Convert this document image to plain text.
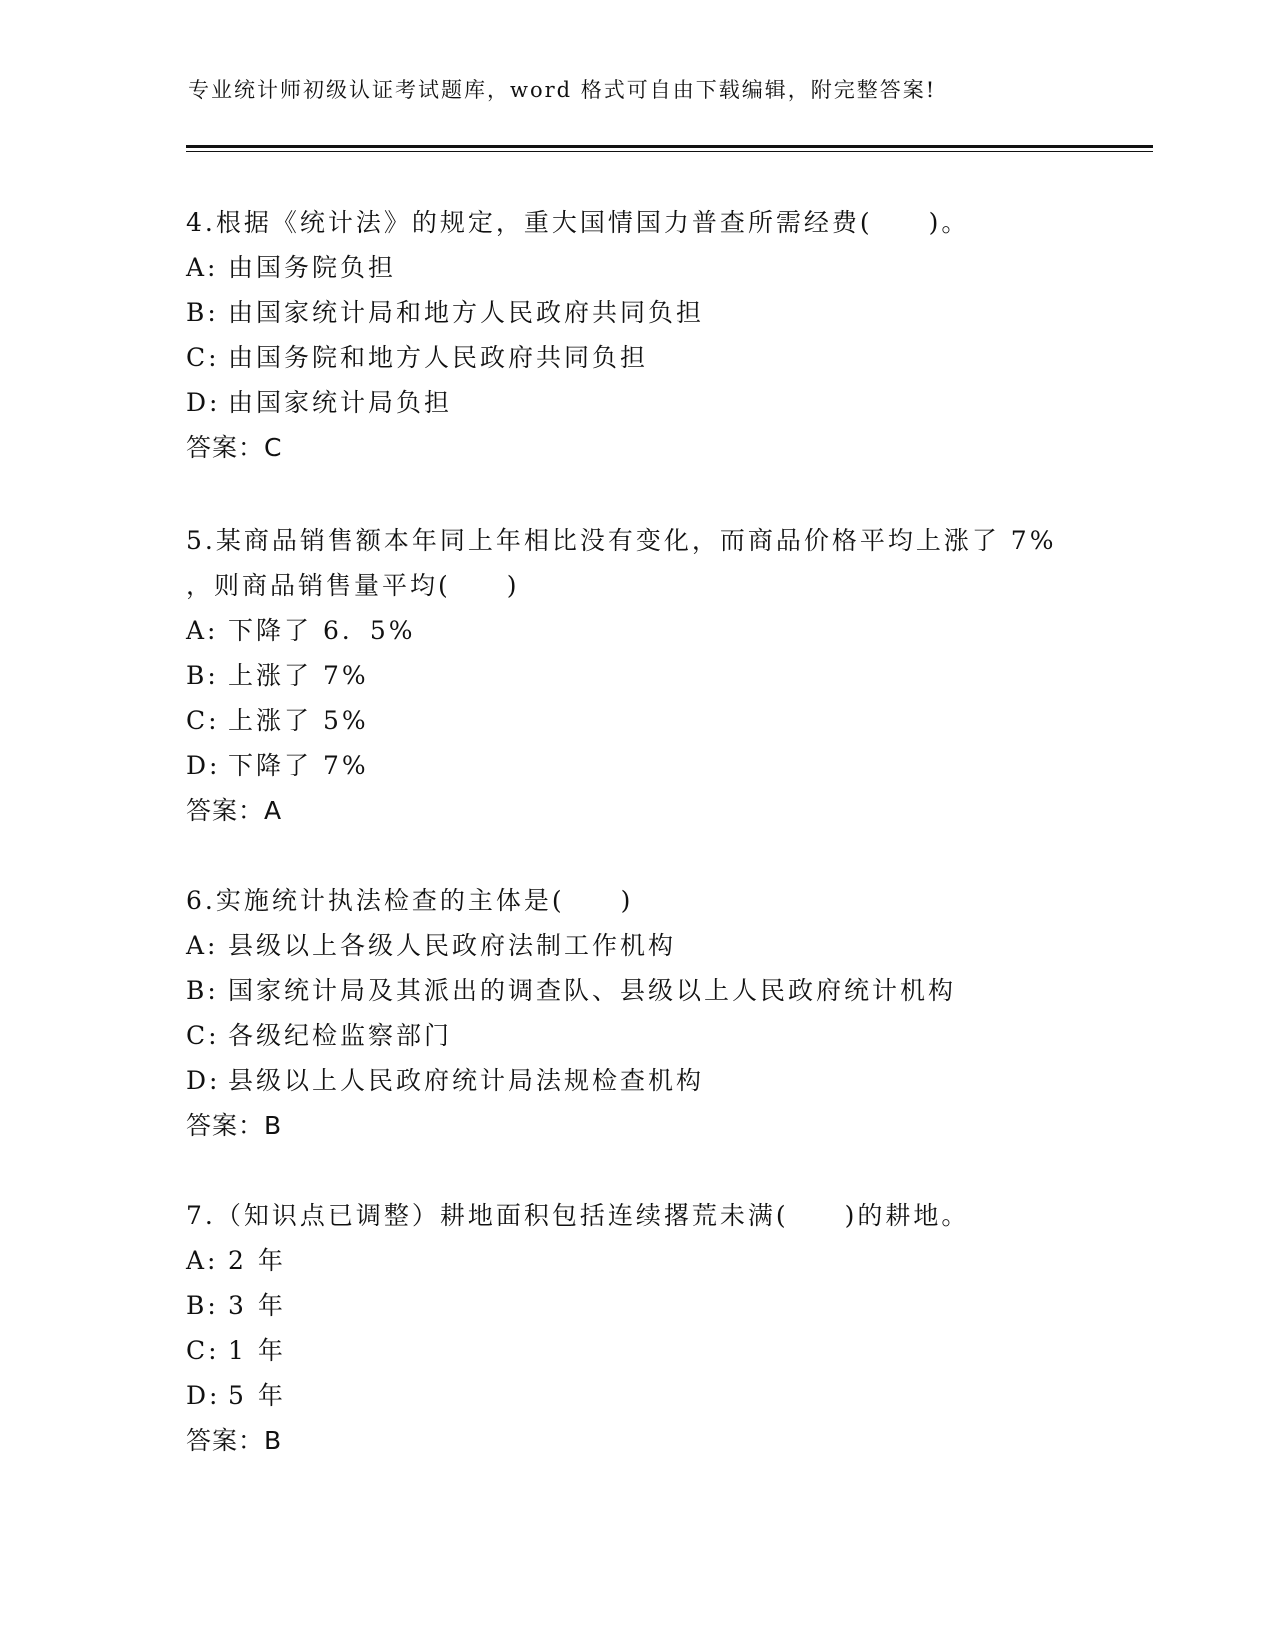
专业统计师初级认证考试题库，word 格式可自由下载编辑，附完整答案!
4.根据《统计法》的规定，重大国情国力普查所需经费(　　)。
A: 由国务院负担
B: 由国家统计局和地方人民政府共同负担
C: 由国务院和地方人民政府共同负担
D: 由国家统计局负担
答案：C
5.某商品销售额本年同上年相比没有变化，而商品价格平均上涨了 7%
，则商品销售量平均(　　)
A: 下降了 6．5%
B: 上涨了 7%
C: 上涨了 5%
D: 下降了 7%
答案：A
6.实施统计执法检查的主体是(　　)
A: 县级以上各级人民政府法制工作机构
B: 国家统计局及其派出的调查队、县级以上人民政府统计机构
C: 各级纪检监察部门
D: 县级以上人民政府统计局法规检查机构
答案：B
7.（知识点已调整）耕地面积包括连续撂荒未满(　　)的耕地。
A: 2 年
B: 3 年
C: 1 年
D: 5 年
答案：B
